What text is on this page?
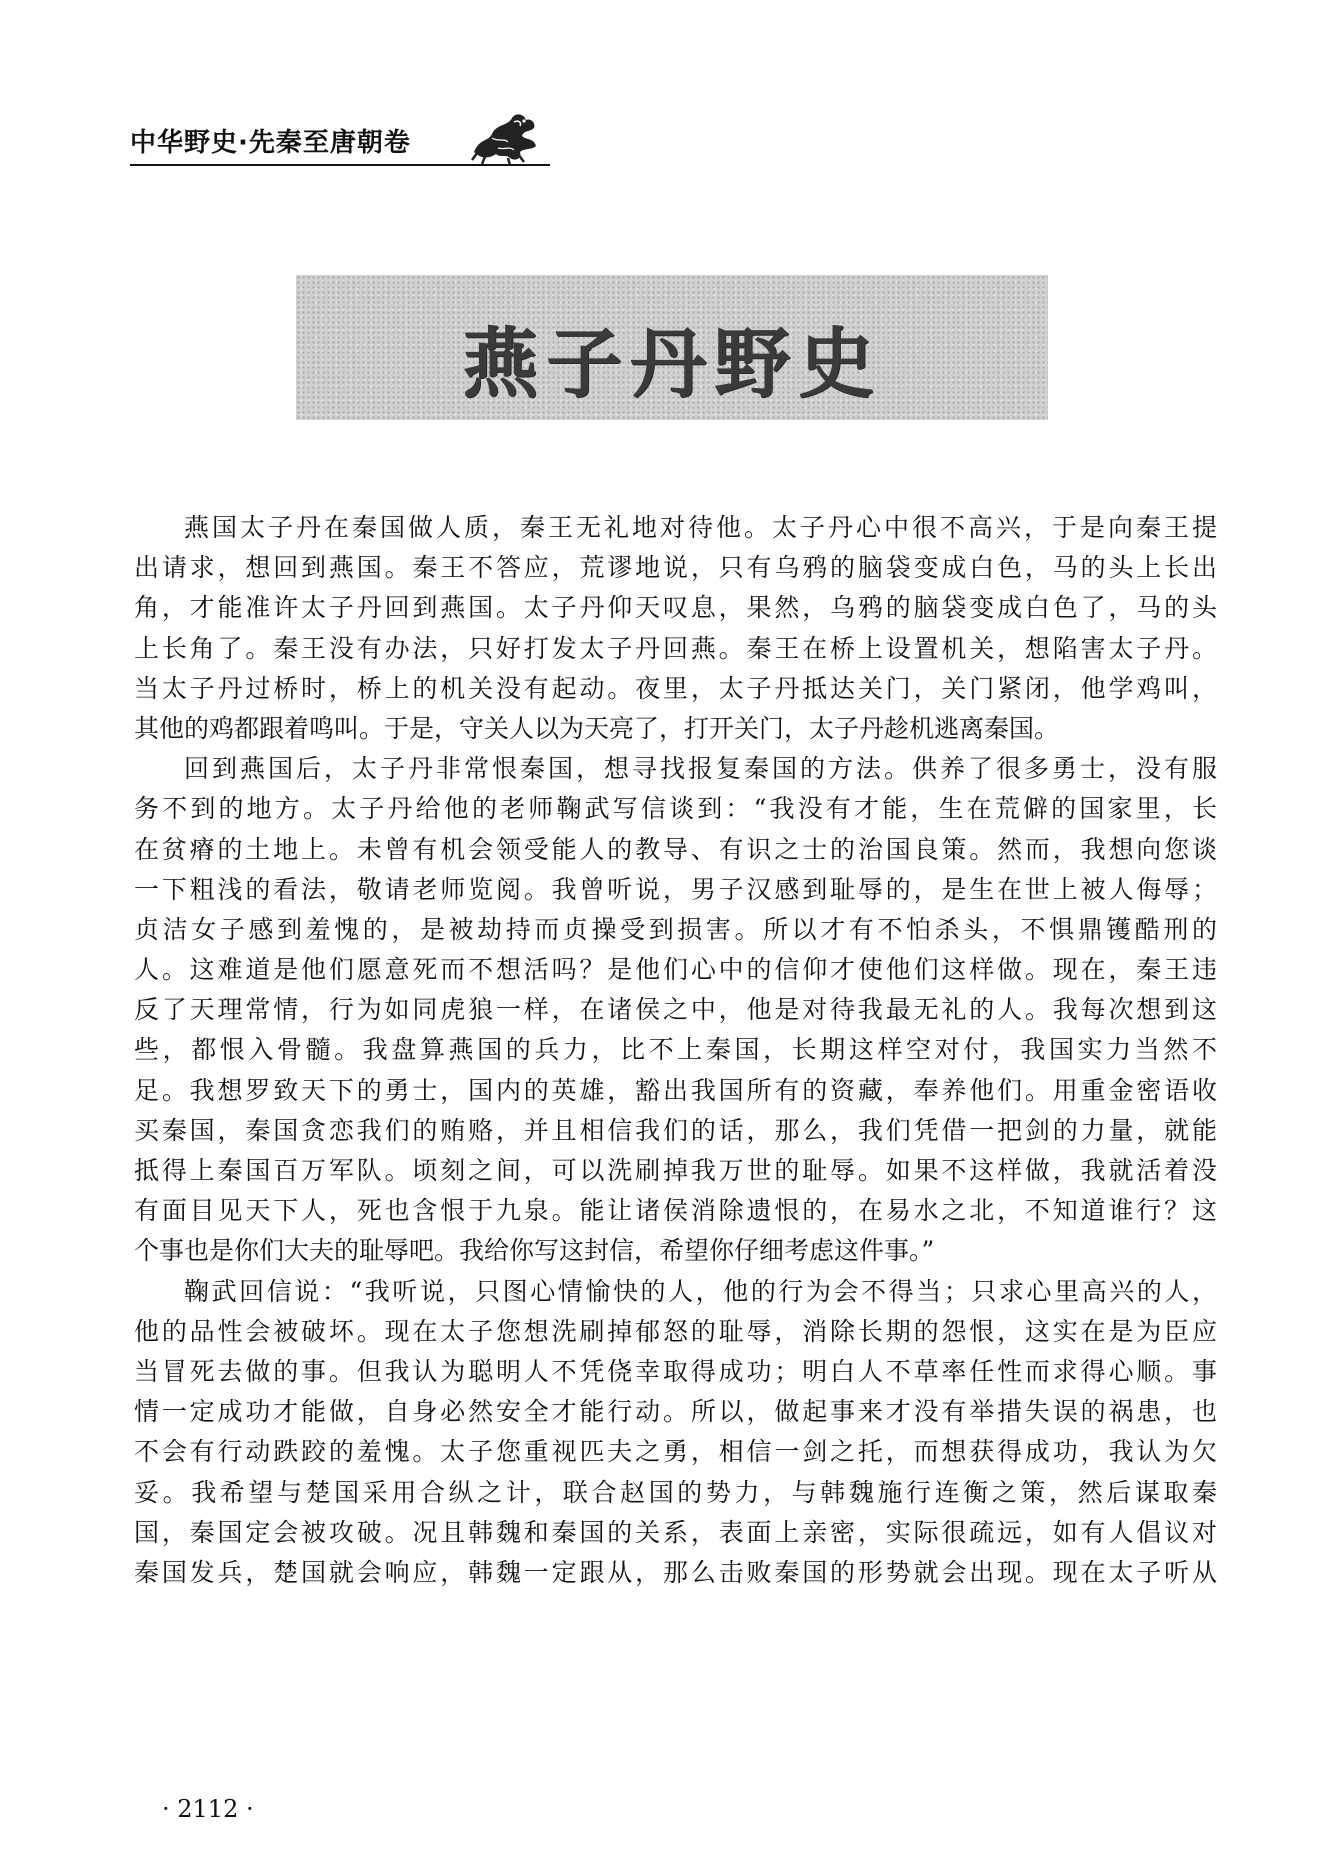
中华野史·先秦至唐朝卷
燕子丹野史
燕国太子丹在秦国做人质，秦王无礼地对待他。太子丹心中很不高兴，于是向秦王提
出请求，想回到燕国。秦王不答应，荒谬地说，只有乌鸦的脑袋变成白色，马的头上长出
角，才能准许太子丹回到燕国。太子丹仰天叹息，果然，乌鸦的脑袋变成白色了，马的头
上长角了。秦王没有办法，只好打发太子丹回燕。秦王在桥上设置机关，想陷害太子丹。
当太子丹过桥时，桥上的机关没有起动。夜里，太子丹抵达关门，关门紧闭，他学鸡叫，
其他的鸡都跟着鸣叫。于是，守关人以为天亮了，打开关门，太子丹趁机逃离秦国。
回到燕国后，太子丹非常恨秦国，想寻找报复秦国的方法。供养了很多勇士，没有服
务不到的地方。太子丹给他的老师鞠武写信谈到：“我没有才能，生在荒僻的国家里，长
在贫瘠的土地上。未曾有机会领受能人的教导、有识之士的治国良策。然而，我想向您谈
一下粗浅的看法，敬请老师览阅。我曾听说，男子汉感到耻辱的，是生在世上被人侮辱；
贞洁女子感到羞愧的，是被劫持而贞操受到损害。所以才有不怕杀头，不惧鼎镬酷刑的
人。这难道是他们愿意死而不想活吗？是他们心中的信仰才使他们这样做。现在，秦王违
反了天理常情，行为如同虎狼一样，在诸侯之中，他是对待我最无礼的人。我每次想到这
些，都恨入骨髓。我盘算燕国的兵力，比不上秦国，长期这样空对付，我国实力当然不
足。我想罗致天下的勇士，国内的英雄，豁出我国所有的资藏，奉养他们。用重金密语收
买秦国，秦国贪恋我们的贿赂，并且相信我们的话，那么，我们凭借一把剑的力量，就能
抵得上秦国百万军队。顷刻之间，可以洗刷掉我万世的耻辱。如果不这样做，我就活着没
有面目见天下人，死也含恨于九泉。能让诸侯消除遗恨的，在易水之北，不知道谁行？这
个事也是你们大夫的耻辱吧。我给你写这封信，希望你仔细考虑这件事。”
鞠武回信说：“我听说，只图心情愉快的人，他的行为会不得当；只求心里高兴的人，
他的品性会被破坏。现在太子您想洗刷掉郁怒的耻辱，消除长期的怨恨，这实在是为臣应
当冒死去做的事。但我认为聪明人不凭侥幸取得成功；明白人不草率任性而求得心顺。事
情一定成功才能做，自身必然安全才能行动。所以，做起事来才没有举措失误的祸患，也
不会有行动跌跤的羞愧。太子您重视匹夫之勇，相信一剑之托，而想获得成功，我认为欠
妥。我希望与楚国采用合纵之计，联合赵国的势力，与韩魏施行连衡之策，然后谋取秦
国，秦国定会被攻破。况且韩魏和秦国的关系，表面上亲密，实际很疏远，如有人倡议对
秦国发兵，楚国就会响应，韩魏一定跟从，那么击败秦国的形势就会出现。现在太子听从
· 2112 ·
